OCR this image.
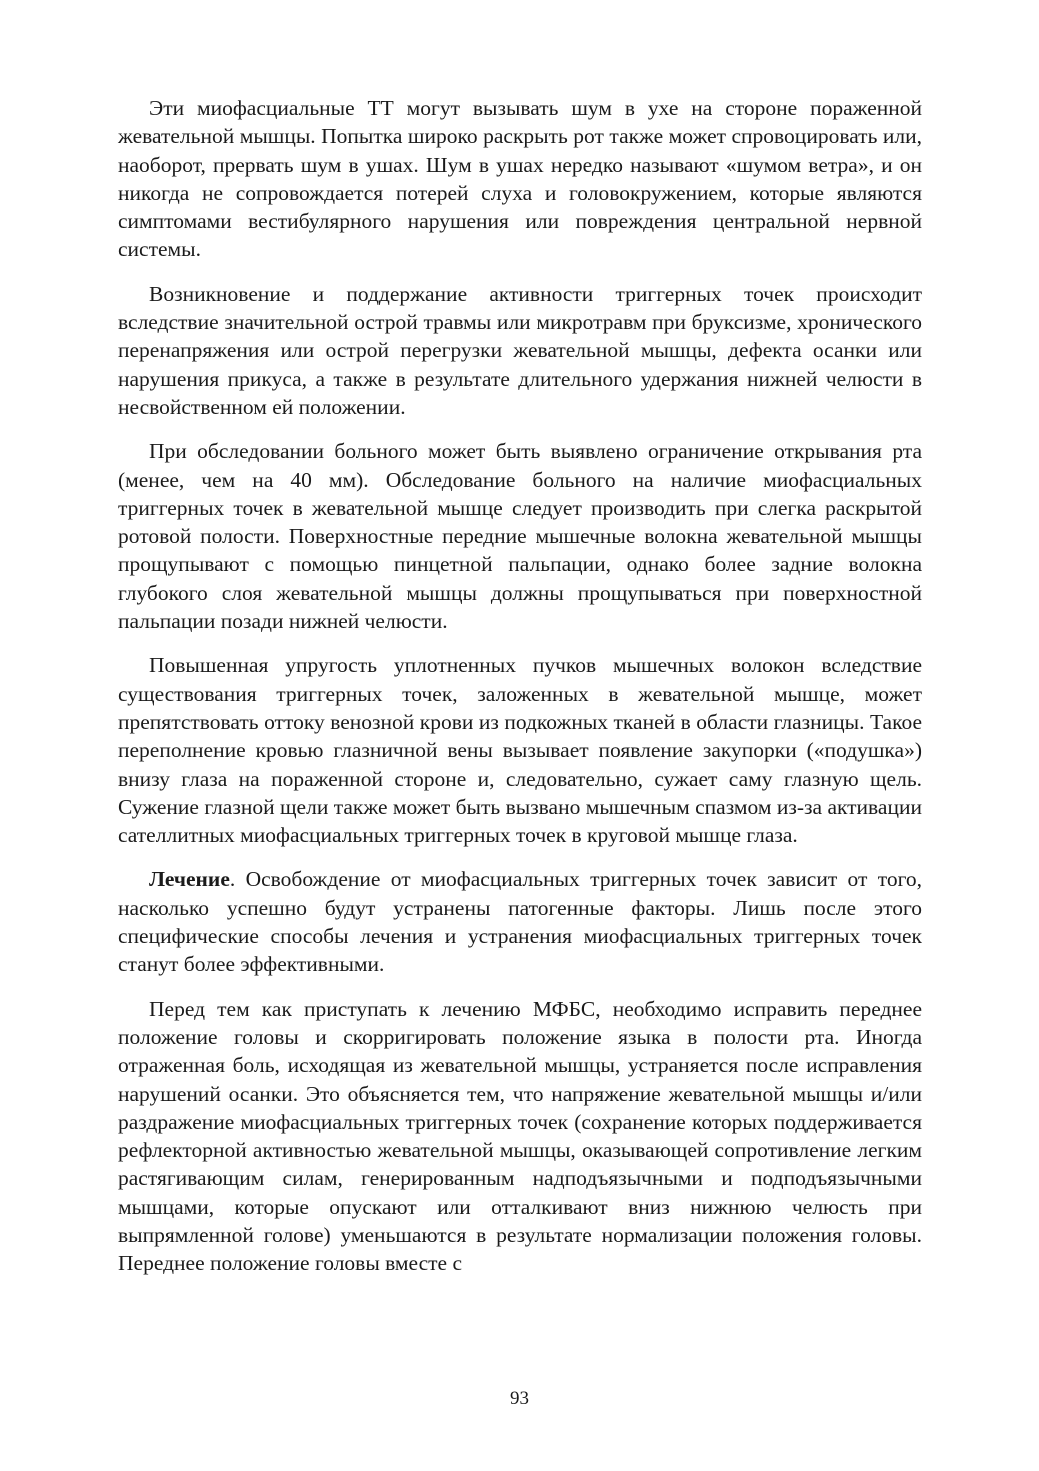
Эти миофасциальные ТТ могут вызывать шум в ухе на стороне пораженной жевательной мышцы. Попытка широко раскрыть рот также может спровоцировать или, наоборот, прервать шум в ушах. Шум в ушах нередко называют «шумом ветра», и он никогда не сопровождается потерей слуха и головокружением, которые являются симптомами вестибулярного нарушения или повреждения центральной нервной системы.

Возникновение и поддержание активности триггерных точек происходит вследствие значительной острой травмы или микротравм при бруксизме, хронического перенапряжения или острой перегрузки жевательной мышцы, дефекта осанки или нарушения прикуса, а также в результате длительного удержания нижней челюсти в несвойственном ей положении.

При обследовании больного может быть выявлено ограничение открывания рта (менее, чем на 40 мм). Обследование больного на наличие миофасциальных триггерных точек в жевательной мышце следует производить при слегка раскрытой ротовой полости. Поверхностные передние мышечные волокна жевательной мышцы прощупывают с помощью пинцетной пальпации, однако более задние волокна глубокого слоя жевательной мышцы должны прощупываться при поверхностной пальпации позади нижней челюсти.

Повышенная упругость уплотненных пучков мышечных волокон вследствие существования триггерных точек, заложенных в жевательной мышце, может препятствовать оттоку венозной крови из подкожных тканей в области глазницы. Такое переполнение кровью глазничной вены вызывает появление закупорки («подушка») внизу глаза на пораженной стороне и, следовательно, сужает саму глазную щель. Сужение глазной щели также может быть вызвано мышечным спазмом из-за активации сателлитных миофасциальных триггерных точек в круговой мышце глаза.

Лечение. Освобождение от миофасциальных триггерных точек зависит от того, насколько успешно будут устранены патогенные факторы. Лишь после этого специфические способы лечения и устранения миофасциальных триггерных точек станут более эффективными.

Перед тем как приступать к лечению МФБС, необходимо исправить переднее положение головы и скорригировать положение языка в полости рта. Иногда отраженная боль, исходящая из жевательной мышцы, устраняется после исправления нарушений осанки. Это объясняется тем, что напряжение жевательной мышцы и/или раздражение миофасциальных триггерных точек (сохранение которых поддерживается рефлекторной активностью жевательной мышцы, оказывающей сопротивление легким растягивающим силам, генерированным надподъязычными и подподъязычными мышцами, которые опускают или отталкивают вниз нижнюю челюсть при выпрямленной голове) уменьшаются в результате нормализации положения головы. Переднее положение головы вместе с

93
